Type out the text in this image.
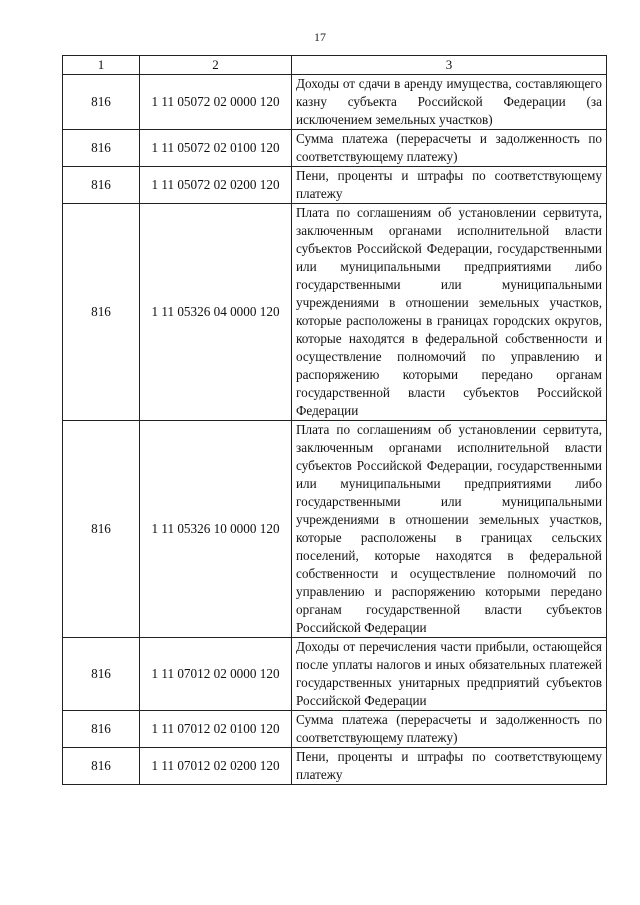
17
1	2	3
816	1 11 05072 02 0000 120	Доходы от сдачи в аренду имущества, составляющего казну субъекта Российской Федерации (за исключением земельных участков)
816	1 11 05072 02 0100 120	Сумма платежа (перерасчеты и задолженность по соответствующему платежу)
816	1 11 05072 02 0200 120	Пени, проценты и штрафы по соответствующему платежу
816	1 11 05326 04 0000 120	Плата по соглашениям об установлении сервитута, заключенным органами исполнительной власти субъектов Российской Федерации, государственными или муниципальными предприятиями либо государственными или муниципальными учреждениями в отношении земельных участков, которые расположены в границах городских округов, которые находятся в федеральной собственности и осуществление полномочий по управлению и распоряжению которыми передано органам государственной власти субъектов Российской Федерации
816	1 11 05326 10 0000 120	Плата по соглашениям об установлении сервитута, заключенным органами исполнительной власти субъектов Российской Федерации, государственными или муниципальными предприятиями либо государственными или муниципальными учреждениями в отношении земельных участков, которые расположены в границах сельских поселений, которые находятся в федеральной собственности и осуществление полномочий по управлению и распоряжению которыми передано органам государственной власти субъектов Российской Федерации
816	1 11 07012 02 0000 120	Доходы от перечисления части прибыли, остающейся после уплаты налогов и иных обязательных платежей государственных унитарных предприятий субъектов Российской Федерации
816	1 11 07012 02 0100 120	Сумма платежа (перерасчеты и задолженность по соответствующему платежу)
816	1 11 07012 02 0200 120	Пени, проценты и штрафы по соответствующему платежу
